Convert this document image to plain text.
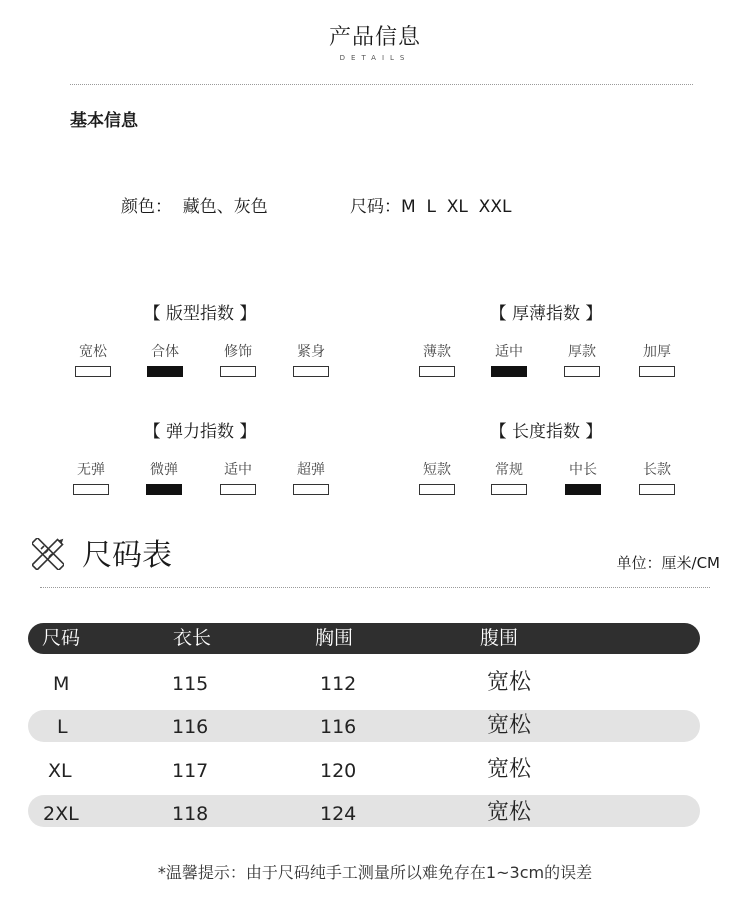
产品信息
DETAILS
基本信息
颜色：  藏色、灰色	尺码：M  L  XL  XXL
【 版型指数 】
宽松	合体	修饰	紧身
【 厚薄指数 】
薄款	适中	厚款	加厚
【 弹力指数 】
无弹	微弹	适中	超弹
【 长度指数 】
短款	常规	中长	长款
尺码表	单位：厘米/CM
尺码	衣长	胸围	腹围
M	115	112	宽松
L	116	116	宽松
XL	117	120	宽松
2XL	118	124	宽松
*温馨提示：由于尺码纯手工测量所以难免存在1~3cm的误差
